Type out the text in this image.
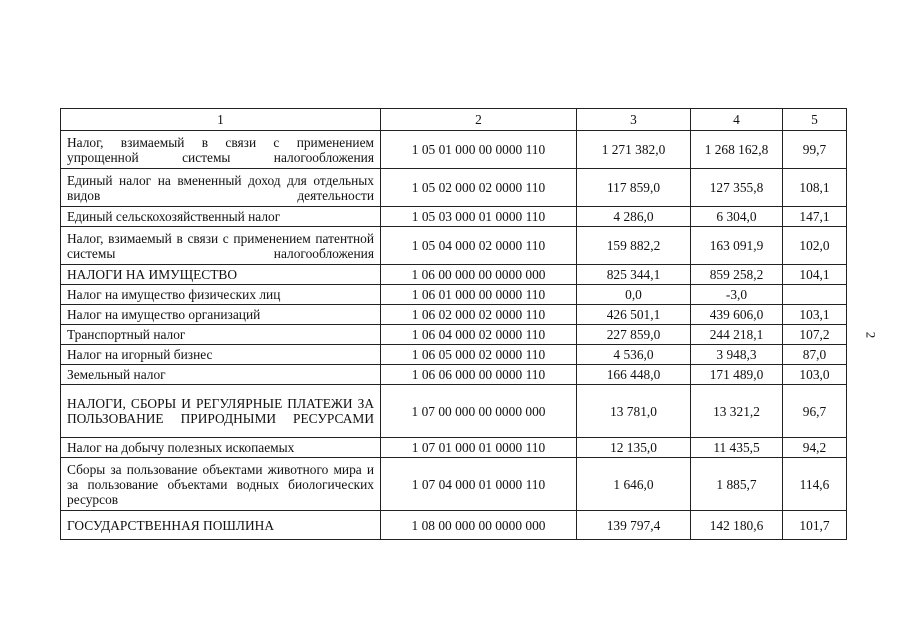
1	2	3	4	5
Налог, взимаемый в связи с применением упрощенной системы налогообложения	1 05 01 000 00 0000 110	1 271 382,0	1 268 162,8	99,7
Единый налог на вмененный доход для отдельных видов деятельности	1 05 02 000 02 0000 110	117 859,0	127 355,8	108,1
Единый сельскохозяйственный налог	1 05 03 000 01 0000 110	4 286,0	6 304,0	147,1
Налог, взимаемый в связи с применением патентной системы налогообложения	1 05 04 000 02 0000 110	159 882,2	163 091,9	102,0
НАЛОГИ НА ИМУЩЕСТВО	1 06 00 000 00 0000 000	825 344,1	859 258,2	104,1
Налог на имущество физических лиц	1 06 01 000 00 0000 110	0,0	-3,0	
Налог на имущество организаций	1 06 02 000 02 0000 110	426 501,1	439 606,0	103,1
Транспортный налог	1 06 04 000 02 0000 110	227 859,0	244 218,1	107,2
Налог на игорный бизнес	1 06 05 000 02 0000 110	4 536,0	3 948,3	87,0
Земельный налог	1 06 06 000 00 0000 110	166 448,0	171 489,0	103,0
НАЛОГИ, СБОРЫ И РЕГУЛЯРНЫЕ ПЛАТЕЖИ ЗА ПОЛЬЗОВАНИЕ ПРИРОДНЫМИ РЕСУРСАМИ	1 07 00 000 00 0000 000	13 781,0	13 321,2	96,7
Налог на добычу полезных ископаемых	1 07 01 000 01 0000 110	12 135,0	11 435,5	94,2
Сборы за пользование объектами животного мира и за пользование объектами водных биологических ресурсов	1 07 04 000 01 0000 110	1 646,0	1 885,7	114,6
ГОСУДАРСТВЕННАЯ ПОШЛИНА	1 08 00 000 00 0000 000	139 797,4	142 180,6	101,7
2
